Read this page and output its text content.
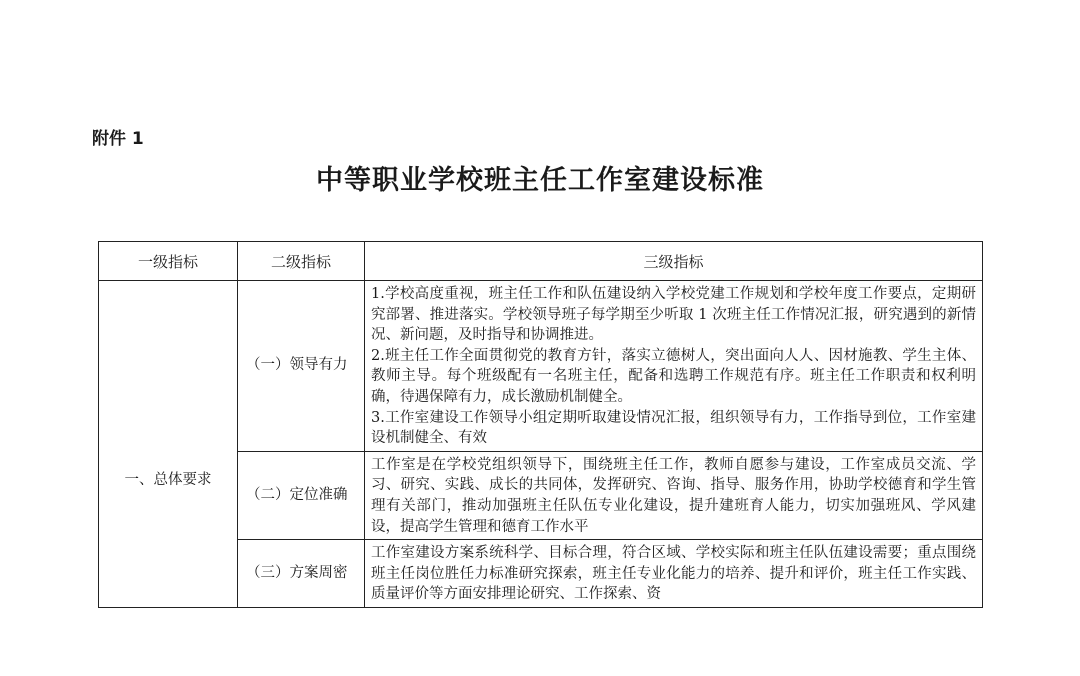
附件 1
中等职业学校班主任工作室建设标准
一级指标	二级指标	三级指标
一、总体要求	（一）领导有力	1.学校高度重视，班主任工作和队伍建设纳入学校党建工作规划和学校年度工作要点，定期研究部署、推进落实。学校领导班子每学期至少听取 1 次班主任工作情况汇报，研究遇到的新情况、新问题，及时指导和协调推进。
2.班主任工作全面贯彻党的教育方针，落实立德树人，突出面向人人、因材施教、学生主体、教师主导。每个班级配有一名班主任，配备和选聘工作规范有序。班主任工作职责和权利明确，待遇保障有力，成长激励机制健全。
3.工作室建设工作领导小组定期听取建设情况汇报，组织领导有力，工作指导到位，工作室建设机制健全、有效

	（二）定位准确	工作室是在学校党组织领导下，围绕班主任工作，教师自愿参与建设，工作室成员交流、学习、研究、实践、成长的共同体，发挥研究、咨询、指导、服务作用，协助学校德育和学生管理有关部门，推动加强班主任队伍专业化建设，提升建班育人能力，切实加强班风、学风建设，提高学生管理和德育工作水平

	（三）方案周密	工作室建设方案系统科学、目标合理，符合区域、学校实际和班主任队伍建设需要；重点围绕班主任岗位胜任力标准研究探索，班主任专业化能力的培养、提升和评价，班主任工作实践、质量评价等方面安排理论研究、工作探索、资
